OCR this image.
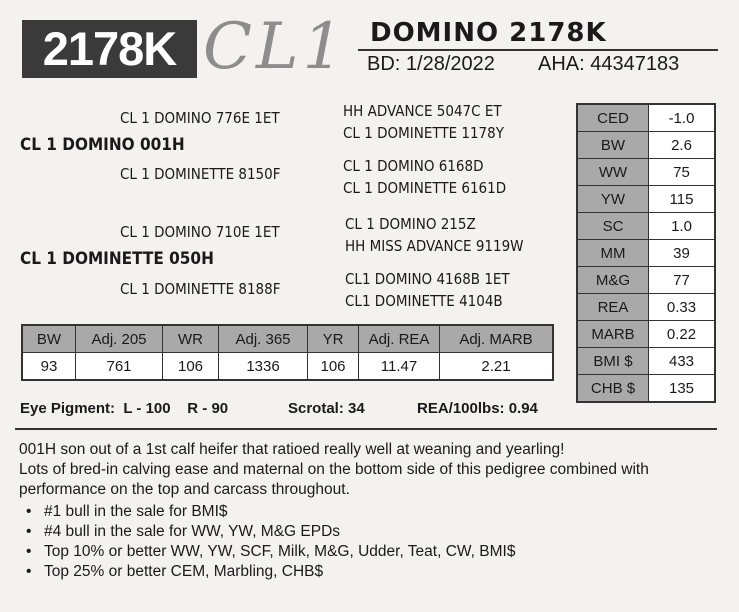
2178K CL1 DOMINO 2178K
BD: 1/28/2022 AHA: 44347183
CL 1 DOMINO 776E 1ET
CL 1 DOMINO 001H
CL 1 DOMINETTE 8150F
HH ADVANCE 5047C ET
CL 1 DOMINETTE 1178Y
CL 1 DOMINO 6168D
CL 1 DOMINETTE 6161D
CL 1 DOMINO 710E 1ET
CL 1 DOMINETTE 050H
CL 1 DOMINETTE 8188F
CL 1 DOMINO 215Z
HH MISS ADVANCE 9119W
CL1 DOMINO 4168B 1ET
CL1 DOMINETTE 4104B
CED	-1.0
BW	2.6
WW	75
YW	115
SC	1.0
MM	39
M&G	77
REA	0.33
MARB	0.22
BMI $	433
CHB $	135
BW	Adj. 205	WR	Adj. 365	YR	Adj. REA	Adj. MARB
93	761	106	1336	106	11.47	2.21
Eye Pigment:  L - 100    R - 90	Scrotal: 34	REA/100lbs: 0.94

001H son out of a 1st calf heifer that ratioed really well at weaning and yearling!

Lots of bred-in calving ease and maternal on the bottom side of this pedigree combined with performance on the top and carcass throughout.

• #1 bull in the sale for BMI$
• #4 bull in the sale for WW, YW, M&G EPDs
• Top 10% or better WW, YW, SCF, Milk, M&G, Udder, Teat, CW, BMI$
• Top 25% or better CEM, Marbling, CHB$
